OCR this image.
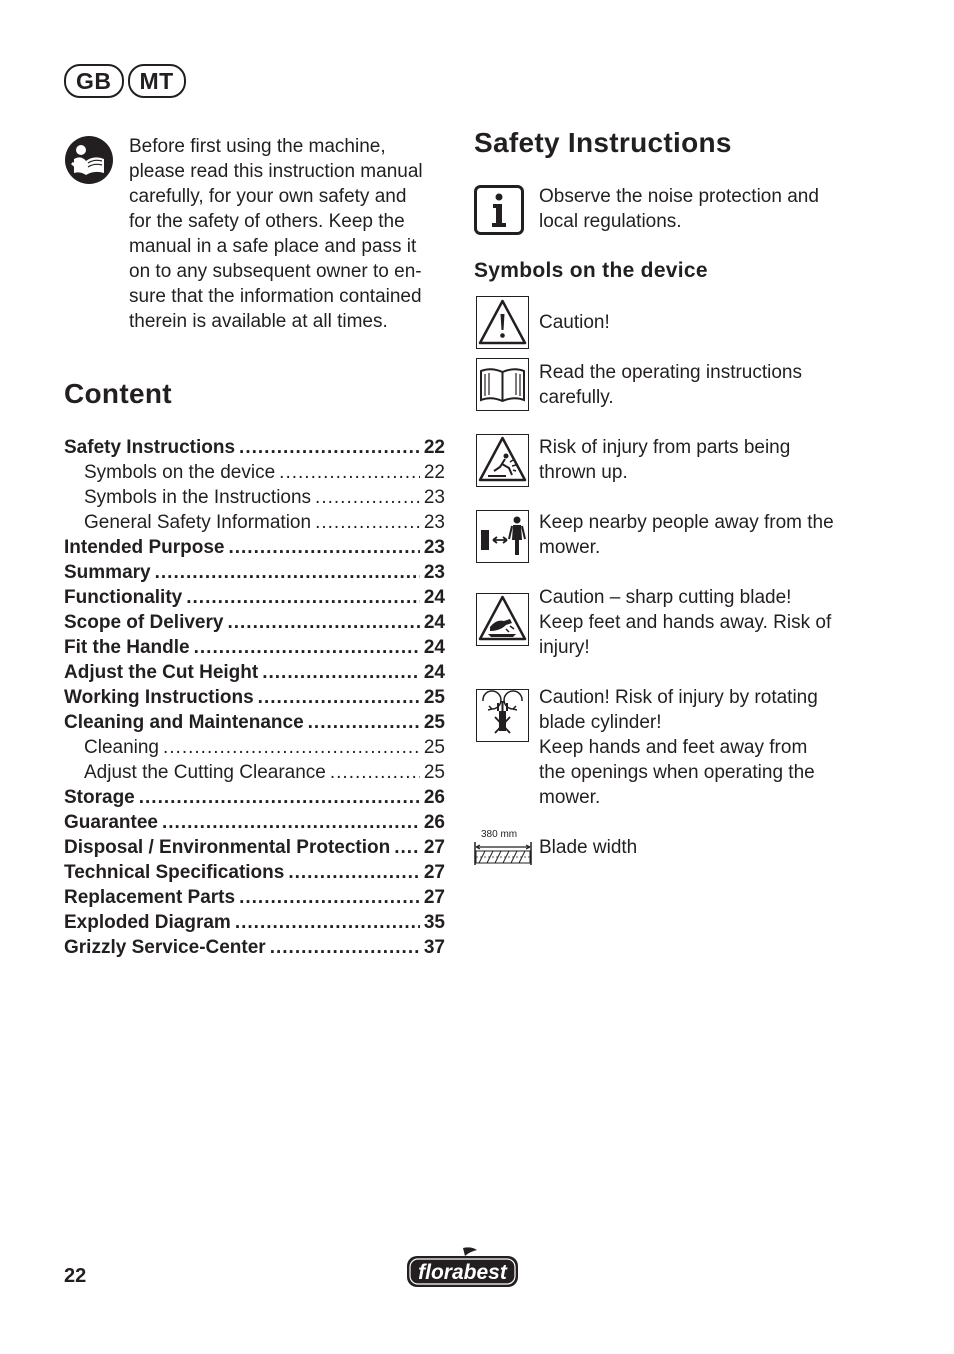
GB	MT
Before first using the machine,
please read this instruction manual
carefully, for your own safety and
for the safety of others. Keep the
manual in a safe place and pass it
on to any subsequent owner to en-
sure that the information contained
therein is available at all times.
Content
Safety Instructions .....	22
Symbols on the device .....	22
Symbols in the Instructions .....	23
General Safety Information .....	23
Intended Purpose .....	23
Summary .....	23
Functionality .....	24
Scope of Delivery .....	24
Fit the Handle .....	24
Adjust the Cut Height .....	24
Working Instructions .....	25
Cleaning and Maintenance .....	25
Cleaning .....	25
Adjust the Cutting Clearance .....	25
Storage .....	26
Guarantee .....	26
Disposal / Environmental Protection ..... 27
Technical Specifications .....	27
Replacement Parts .....	27
Exploded Diagram .....	35
Grizzly Service-Center .....	37
Safety Instructions
Observe the noise protection and
local regulations.
Symbols on the device
Caution!
Read the operating instructions
carefully.
Risk of injury from parts being
thrown up.
Keep nearby people away from the
mower.
Caution – sharp cutting blade!
Keep feet and hands away. Risk of
injury!
Caution! Risk of injury by rotating
blade cylinder!
Keep hands and feet away from
the openings when operating the
mower.
380 mm
Blade width
22	florabest
